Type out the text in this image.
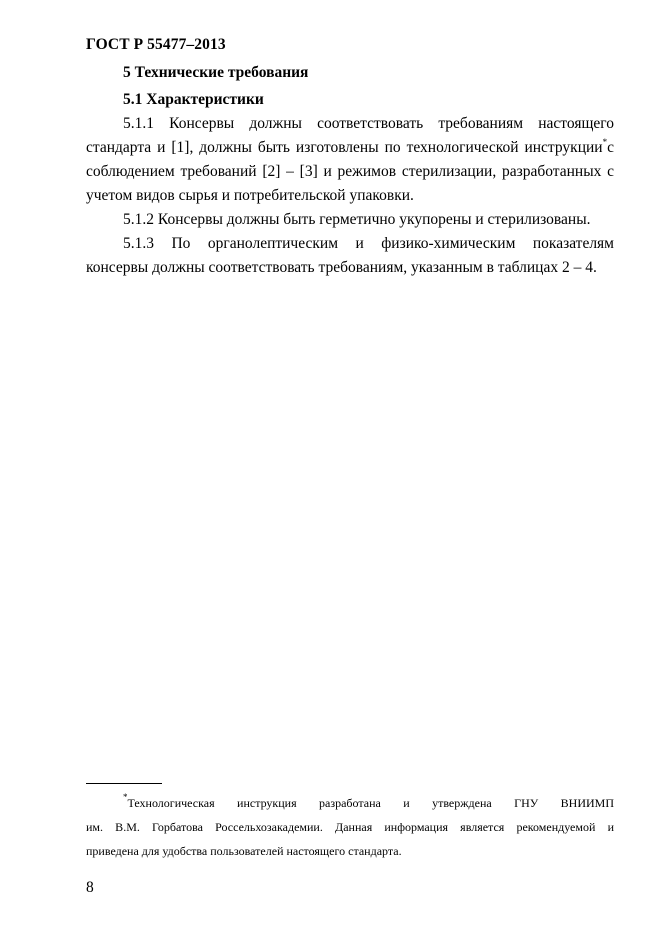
ГОСТ Р 55477–2013
5 Технические требования
5.1 Характеристики
5.1.1 Консервы должны соответствовать требованиям настоящего
стандарта и [1], должны быть изготовлены по технологической инструкции*с
соблюдением требований [2] – [3] и режимов стерилизации, разработанных с
учетом видов сырья и потребительской упаковки.
5.1.2 Консервы должны быть герметично укупорены и стерилизованы.
5.1.3 По органолептическим и физико-химическим показателям
консервы должны соответствовать требованиям, указанным в таблицах 2 – 4.
*Технологическая инструкция разработана и утверждена ГНУ ВНИИМП
им. В.М. Горбатова Россельхозакадемии. Данная информация является рекомендуемой и
приведена для удобства пользователей настоящего стандарта.
8
